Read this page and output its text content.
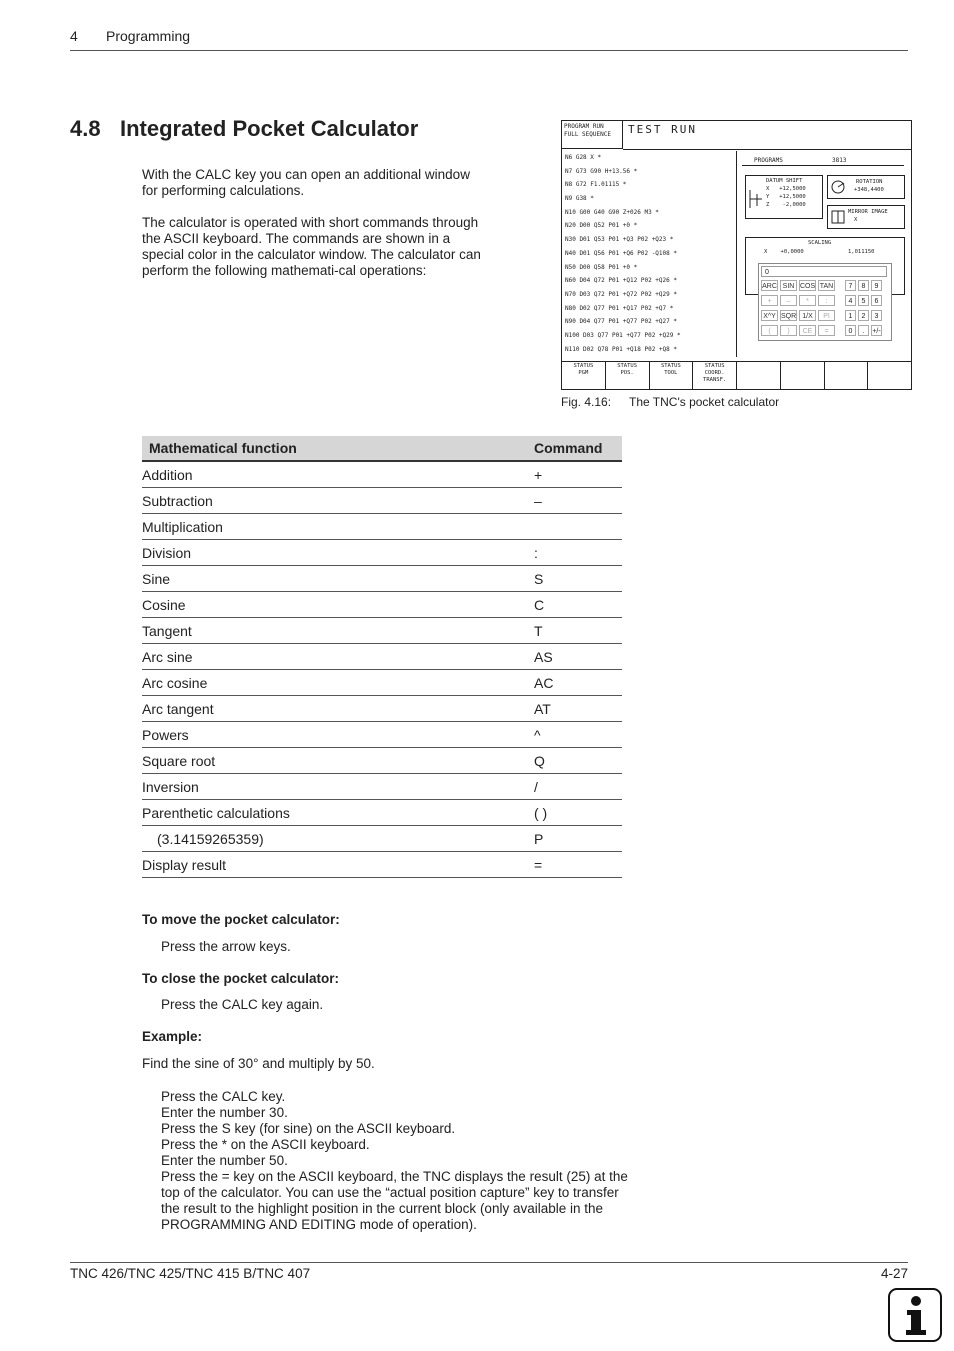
4 Programming
4.8 Integrated Pocket Calculator

With the CALC key you can open an additional window for performing calculations.

The calculator is operated with short commands through the ASCII keyboard. The commands are shown in a special color in the calculator window. The calculator can perform the following mathemati-cal operations:

PROGRAM RUN
FULL SEQUENCE	TEST RUN
N6 G28 X *
N7 G73 G90 H+13.56 *
N8 G72 F1.01115 *
N9 G38 *
N10 G00 G40 G90 Z+026 M3 *
N20 D00 Q52 P01 +0 *
N30 D01 Q53 P01 +Q3 P02 +Q23 *
N40 D01 Q56 P01 +Q6 P02 -Q108 *
N50 D00 Q58 P01 +0 *
N60 D04 Q72 P01 +Q12 P02 +Q26 *
N70 D03 Q72 P01 +Q72 P02 +Q29 *
N80 D02 Q77 P01 +Q17 P02 +Q7 *
N90 D04 Q77 P01 +Q77 P02 +Q27 *
N100 D03 Q77 P01 +Q77 P02 +Q29 *
N110 D02 Q78 P01 +Q18 P02 +Q8 *
PROGRAMS	3813
DATUM SHIFT
X   +12,5000
Y   +12,5000
Z    -2,0000
ROTATION
+348,4400
MIRROR IMAGE
X
SCALING
X    +0,0000	1,011150
0
ARC SIN COS TAN	7	8	9
+	–	*	:	4	5	6
X^Y SQR 1/X	PI	1	2	3
(	)	CE	=	0	.	+/-
STATUS
PGM
STATUS
POS.
STATUS
TOOL
STATUS
COORD.
TRANSF.
Fig. 4.16: The TNC's pocket calculator
Mathematical function	Command
Addition	+
Subtraction	–
Multiplication	
Division	:
Sine	S
Cosine	C
Tangent	T
Arc sine	AS
Arc cosine	AC
Arc tangent	AT
Powers	^
Square root	Q
Inversion	/
Parenthetic calculations	( )
(3.14159265359)	P
Display result	=
To move the pocket calculator:
Press the arrow keys.
To close the pocket calculator:
Press the CALC key again.
Example:
Find the sine of 30° and multiply by 50.
Press the CALC key.
Enter the number 30.
Press the S key (for sine) on the ASCII keyboard.
Press the * on the ASCII keyboard.
Enter the number 50.
Press the = key on the ASCII keyboard, the TNC displays the result (25) at the top of the calculator. You can use the “actual position capture” key to transfer the result to the highlight position in the current block (only available in the PROGRAMMING AND EDITING mode of operation).
TNC 426/TNC 425/TNC 415 B/TNC 407	4-27
